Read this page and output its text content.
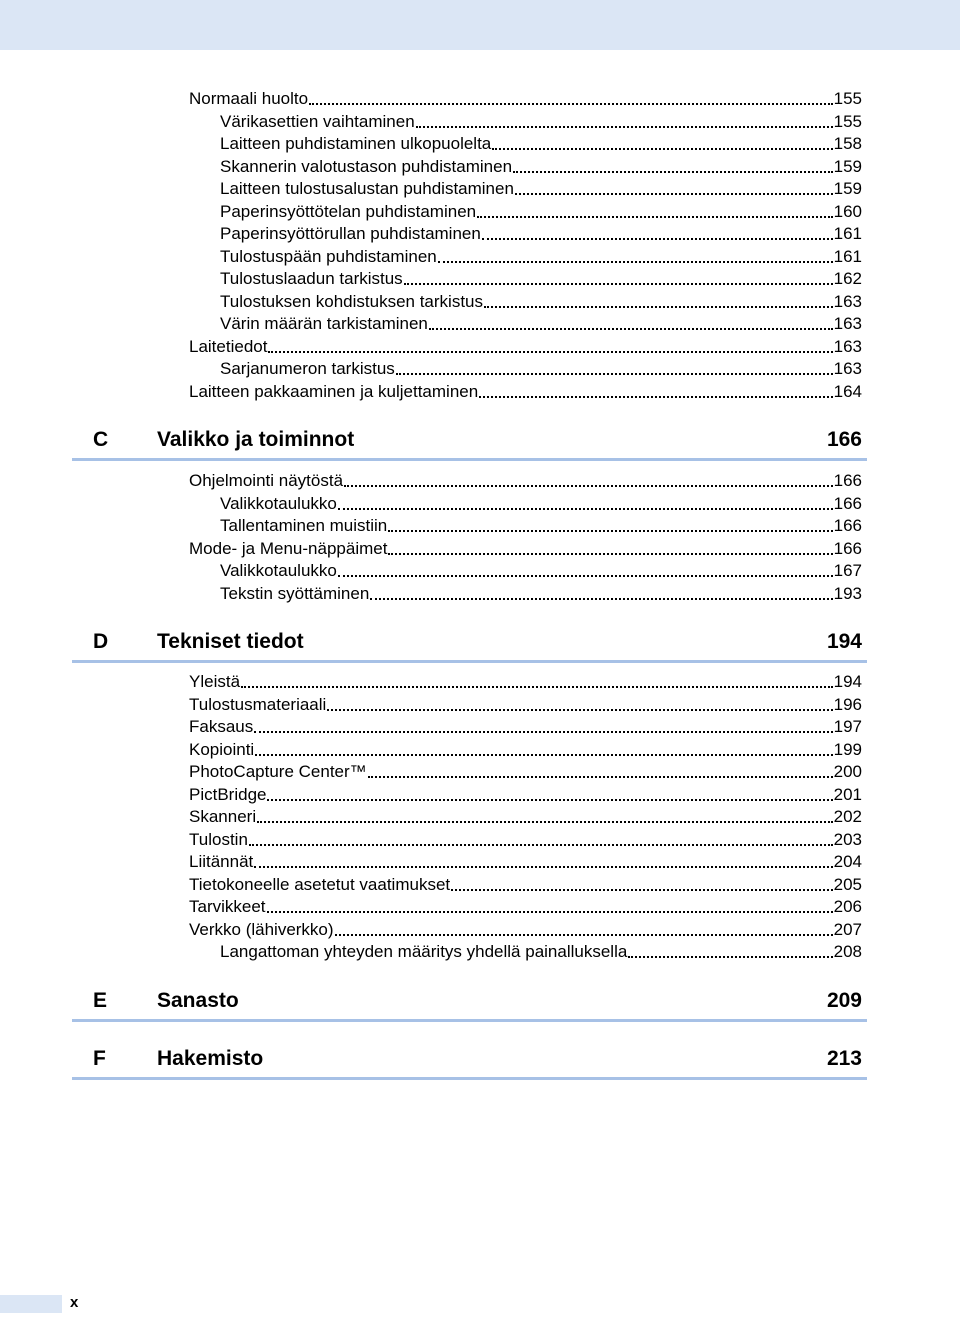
Normaali huolto	155
Värikasettien vaihtaminen	155
Laitteen puhdistaminen ulkopuolelta	158
Skannerin valotustason puhdistaminen	159
Laitteen tulostusalustan puhdistaminen	159
Paperinsyöttötelan puhdistaminen	160
Paperinsyöttörullan puhdistaminen	161
Tulostuspään puhdistaminen	161
Tulostuslaadun tarkistus	162
Tulostuksen kohdistuksen tarkistus	163
Värin määrän tarkistaminen	163
Laitetiedot	163
Sarjanumeron tarkistus	163
Laitteen pakkaaminen ja kuljettaminen	164
C Valikko ja toiminnot	166
Ohjelmointi näytöstä	166
Valikkotaulukko	166
Tallentaminen muistiin	166
Mode- ja Menu-näppäimet	166
Valikkotaulukko	167
Tekstin syöttäminen	193
D Tekniset tiedot	194
Yleistä	194
Tulostusmateriaali	196
Faksaus	197
Kopiointi	199
PhotoCapture Center™	200
PictBridge	201
Skanneri	202
Tulostin	203
Liitännät	204
Tietokoneelle asetetut vaatimukset	205
Tarvikkeet	206
Verkko (lähiverkko)	207
Langattoman yhteyden määritys yhdellä painalluksella	208
E Sanasto	209
F Hakemisto	213
x
